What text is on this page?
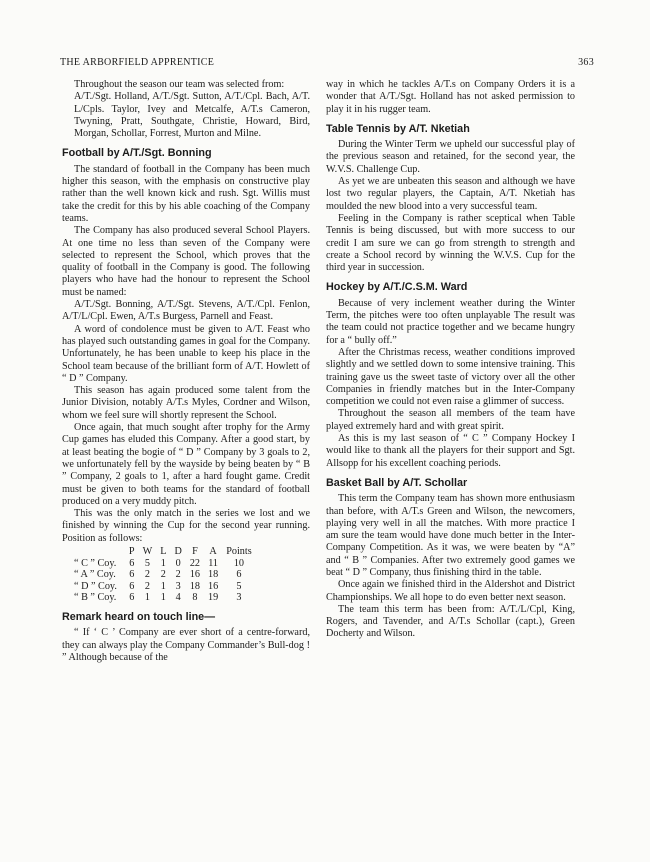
THE ARBORFIELD APPRENTICE	363

Throughout the season our team was selected from:

A/T./Sgt. Holland, A/T./Sgt. Sutton, A/T./Cpl. Bach, A/T. L/Cpls. Taylor, Ivey and Metcalfe, A/T.s Cameron, Twyning, Pratt, Southgate, Christie, Howard, Bird, Morgan, Schollar, Forrest, Murton and Milne.

Football by A/T./Sgt. Bonning

The standard of football in the Company has been much higher this season, with the emphasis on constructive play rather than the well known kick and rush. Sgt. Willis must take the credit for this by his able coaching of the Company teams.

The Company has also produced several School Players. At one time no less than seven of the Company were selected to represent the School, which proves that the quality of football in the Company is good. The following players who have had the honour to represent the School must be named:

A/T./Sgt. Bonning, A/T./Sgt. Stevens, A/T./Cpl. Fenlon, A/T/L/Cpl. Ewen, A/T.s Burgess, Parnell and Feast.

A word of condolence must be given to A/T. Feast who has played such outstanding games in goal for the Company. Unfortunately, he has been unable to keep his place in the School team because of the brilliant form of A/T. Howlett of “ D ” Company.

This season has again produced some talent from the Junior Division, notably A/T.s Myles, Cordner and Wilson, whom we feel sure will shortly represent the School.

Once again, that much sought after trophy for the Army Cup games has eluded this Company. After a good start, by at least beating the bogie of “ D ” Company by 3 goals to 2, we unfortunately fell by the wayside by being beaten by “ B ” Company, 2 goals to 1, after a hard fought game. Credit must be given to both teams for the standard of football produced on a very muddy pitch.

This was the only match in the series we lost and we finished by winning the Cup for the second year running. Position as follows:

	P	W	L	D	F	A	Points
“ C ” Coy.	6	5	1	0	22	11	10
“ A ” Coy.	6	2	2	2	16	18	6
“ D ” Coy.	6	2	1	3	18	16	5
“ B ” Coy.	6	1	1	4	8	19	3
Remark heard on touch line—

“ If ‘ C ’ Company are ever short of a centre-forward, they can always play the Company Commander’s Bull-dog ! ” Although because of the

way in which he tackles A/T.s on Company Orders it is a wonder that A/T./Sgt. Holland has not asked permission to play it in his rugger team.

Table Tennis by A/T. Nketiah

During the Winter Term we upheld our successful play of the previous season and retained, for the second year, the W.V.S. Challenge Cup.

As yet we are unbeaten this season and although we have lost two regular players, the Captain, A/T. Nketiah has moulded the new blood into a very successful team.

Feeling in the Company is rather sceptical when Table Tennis is being discussed, but with more success to our credit I am sure we can go from strength to strength and create a School record by winning the W.V.S. Cup for the third year in succession.

Hockey by A/T./C.S.M. Ward

Because of very inclement weather during the Winter Term, the pitches were too often unplayable The result was the team could not practice together and we became hungry for a “ bully off.”

After the Christmas recess, weather conditions improved slightly and we settled down to some intensive training. This training gave us the sweet taste of victory over all the other Companies in friendly matches but in the Inter-Company competition we could not even raise a glimmer of success.

Throughout the season all members of the team have played extremely hard and with great spirit.

As this is my last season of “ C ” Company Hockey I would like to thank all the players for their support and Sgt. Allsopp for his excellent coaching periods.

Basket Ball by A/T. Schollar

This term the Company team has shown more enthusiasm than before, with A/T.s Green and Wilson, the newcomers, playing very well in all the matches. With more practice I am sure the team would have done much better in the Inter-Company Competition. As it was, we were beaten by “A” and “ B ” Companies. After two extremely good games we beat “ D ” Company, thus finishing third in the table.

Once again we finished third in the Aldershot and District Championships. We all hope to do even better next season.

The team this term has been from: A/T./L/Cpl, King, Rogers, and Tavender, and A/T.s Schollar (capt.), Green Docherty and Wilson.
